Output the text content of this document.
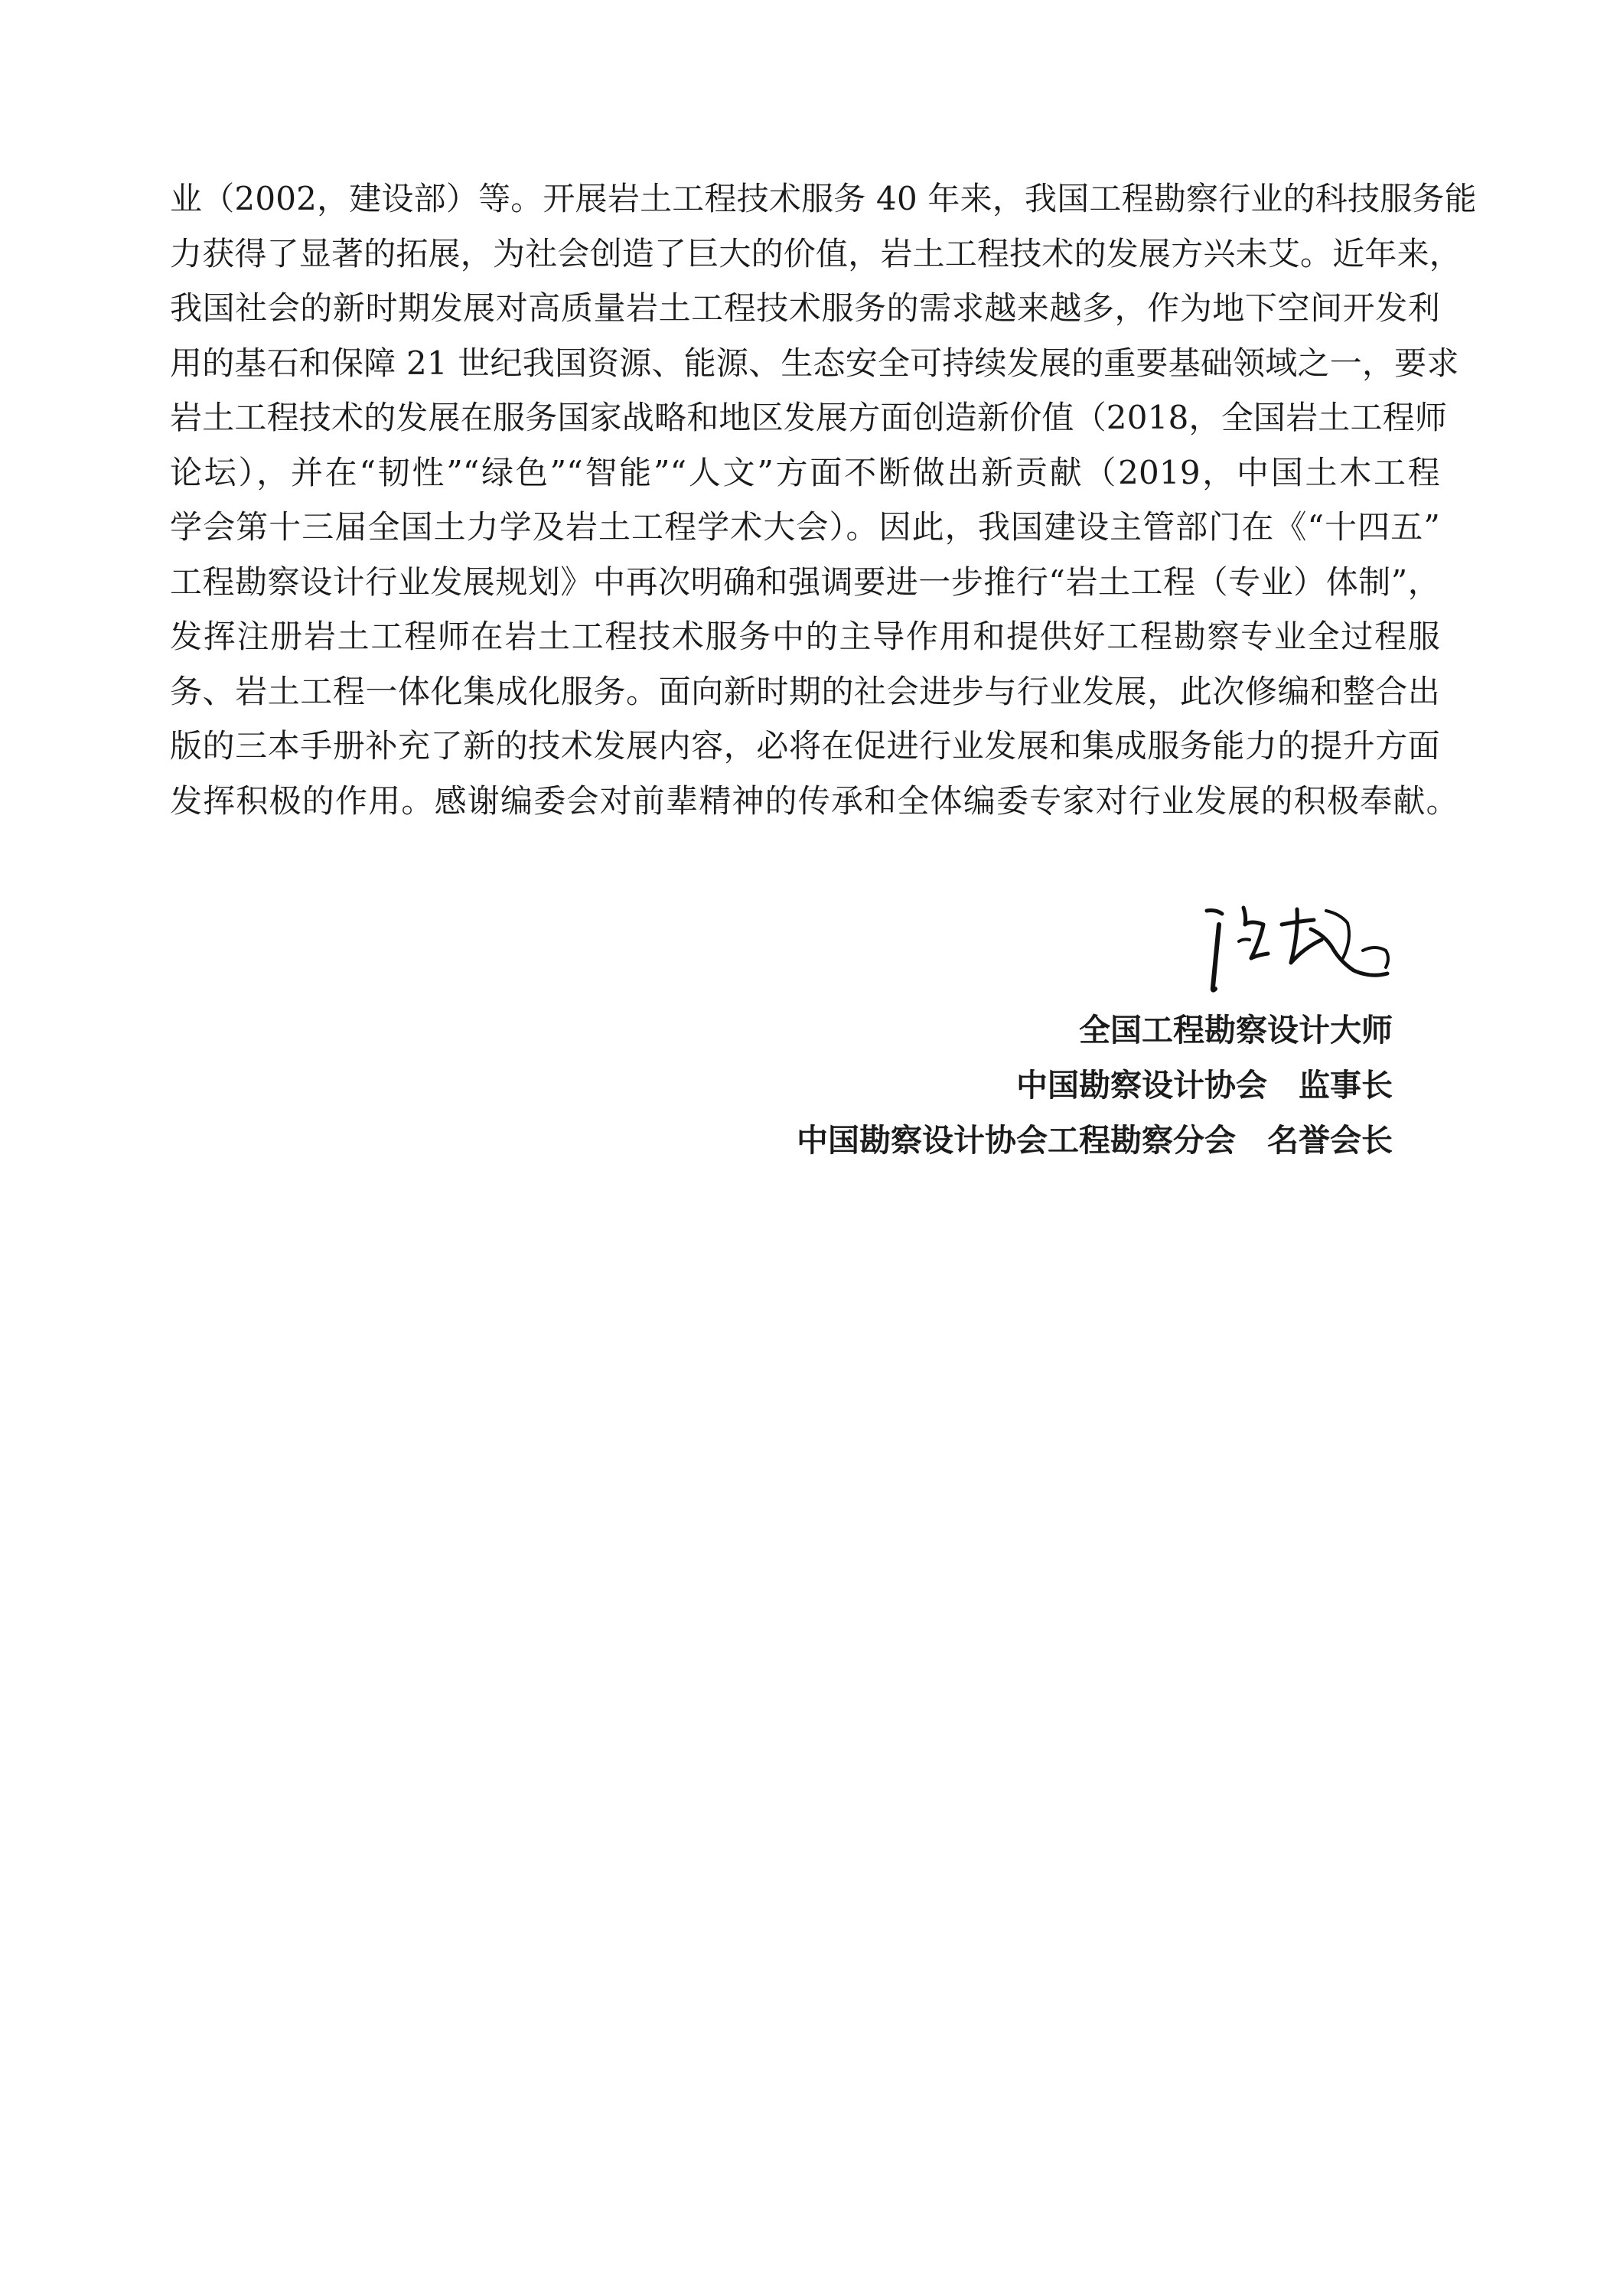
业（2002，建设部）等。开展岩土工程技术服务 40 年来，我国工程勘察行业的科技服务能
力获得了显著的拓展，为社会创造了巨大的价值，岩土工程技术的发展方兴未艾。近年来，
我国社会的新时期发展对高质量岩土工程技术服务的需求越来越多，作为地下空间开发利
用的基石和保障 21 世纪我国资源、能源、生态安全可持续发展的重要基础领域之一，要求
岩土工程技术的发展在服务国家战略和地区发展方面创造新价值（2018，全国岩土工程师
论坛），并在“韧性”“绿色”“智能”“人文”方面不断做出新贡献（2019，中国土木工程
学会第十三届全国土力学及岩土工程学术大会）。因此，我国建设主管部门在《“十四五”
工程勘察设计行业发展规划》中再次明确和强调要进一步推行“岩土工程（专业）体制”，
发挥注册岩土工程师在岩土工程技术服务中的主导作用和提供好工程勘察专业全过程服
务、岩土工程一体化集成化服务。面向新时期的社会进步与行业发展，此次修编和整合出
版的三本手册补充了新的技术发展内容，必将在促进行业发展和集成服务能力的提升方面
发挥积极的作用。感谢编委会对前辈精神的传承和全体编委专家对行业发展的积极奉献。
全国工程勘察设计大师
中国勘察设计协会　监事长
中国勘察设计协会工程勘察分会　名誉会长
